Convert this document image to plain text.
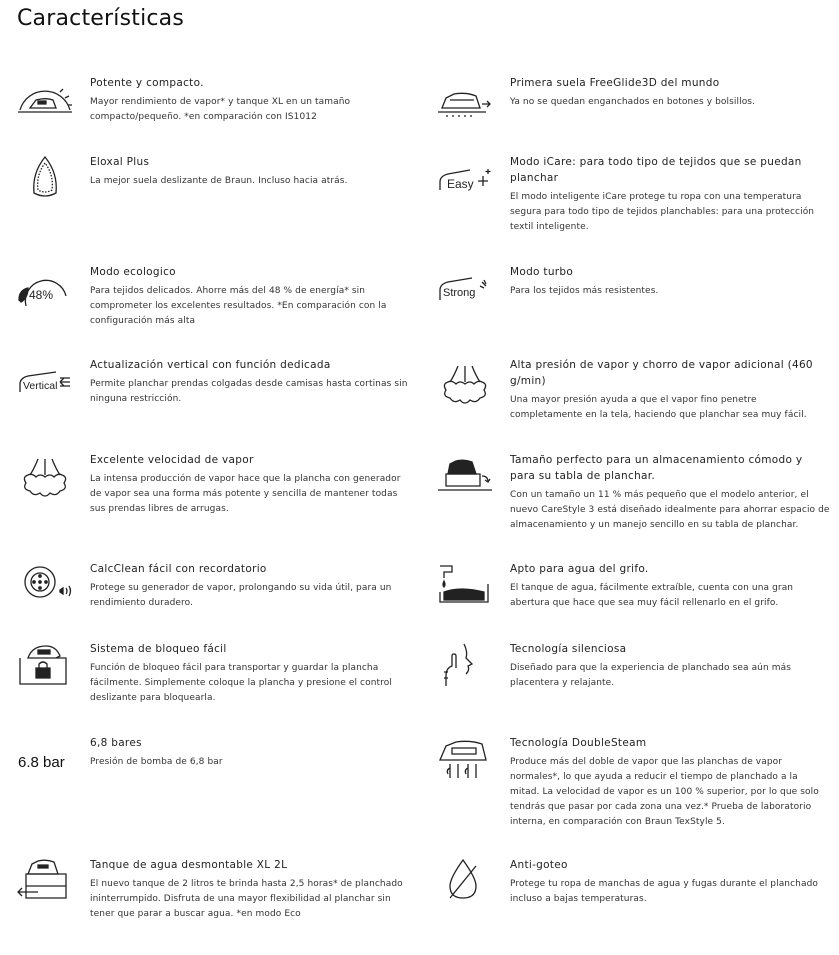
Características

Potente y compacto.

Mayor rendimiento de vapor* y tanque XL en un tamaño compacto/pequeño. *en comparación con IS1012

Primera suela FreeGlide3D del mundo

Ya no se quedan enganchados en botones y bolsillos.

Eloxal Plus

La mejor suela deslizante de Braun. Incluso hacia atrás.	Easy

Modo iCare: para todo tipo de tejidos que se puedan planchar

El modo inteligente iCare protege tu ropa con una temperatura segura para todo tipo de tejidos planchables: para una protección textil inteligente.

48%

Modo ecologico

Para tejidos delicados. Ahorre más del 48 % de energía* sin comprometer los excelentes resultados. *En comparación con la configuración más alta

Strong

Modo turbo

Para los tejidos más resistentes.

Vertical

Actualización vertical con función dedicada

Permite planchar prendas colgadas desde camisas hasta cortinas sin ninguna restricción.

Alta presión de vapor y chorro de vapor adicional (460 g/min)

Una mayor presión ayuda a que el vapor fino penetre completamente en la tela, haciendo que planchar sea muy fácil.

Excelente velocidad de vapor

La intensa producción de vapor hace que la plancha con generador de vapor sea una forma más potente y sencilla de mantener todas sus prendas libres de arrugas.

Tamaño perfecto para un almacenamiento cómodo y para su tabla de planchar.

Con un tamaño un 11 % más pequeño que el modelo anterior, el nuevo CareStyle 3 está diseñado idealmente para ahorrar espacio de almacenamiento y un manejo sencillo en su tabla de planchar.

CalcClean fácil con recordatorio

Protege su generador de vapor, prolongando su vida útil, para un rendimiento duradero.

Apto para agua del grifo.

El tanque de agua, fácilmente extraíble, cuenta con una gran abertura que hace que sea muy fácil rellenarlo en el grifo.

Sistema de bloqueo fácil

Función de bloqueo fácil para transportar y guardar la plancha fácilmente. Simplemente coloque la plancha y presione el control deslizante para bloquearla.

Tecnología silenciosa

Diseñado para que la experiencia de planchado sea aún más placentera y relajante.

6.8 bar

6,8 bares

Presión de bomba de 6,8 bar

Tecnología DoubleSteam

Produce más del doble de vapor que las planchas de vapor normales*, lo que ayuda a reducir el tiempo de planchado a la mitad. La velocidad de vapor es un 100 % superior, por lo que solo tendrás que pasar por cada zona una vez.* Prueba de laboratorio interna, en comparación con Braun TexStyle 5.

Tanque de agua desmontable XL 2L

El nuevo tanque de 2 litros te brinda hasta 2,5 horas* de planchado ininterrumpido. Disfruta de una mayor flexibilidad al planchar sin tener que parar a buscar agua. *en modo Eco

Anti-goteo

Protege tu ropa de manchas de agua y fugas durante el planchado incluso a bajas temperaturas.
